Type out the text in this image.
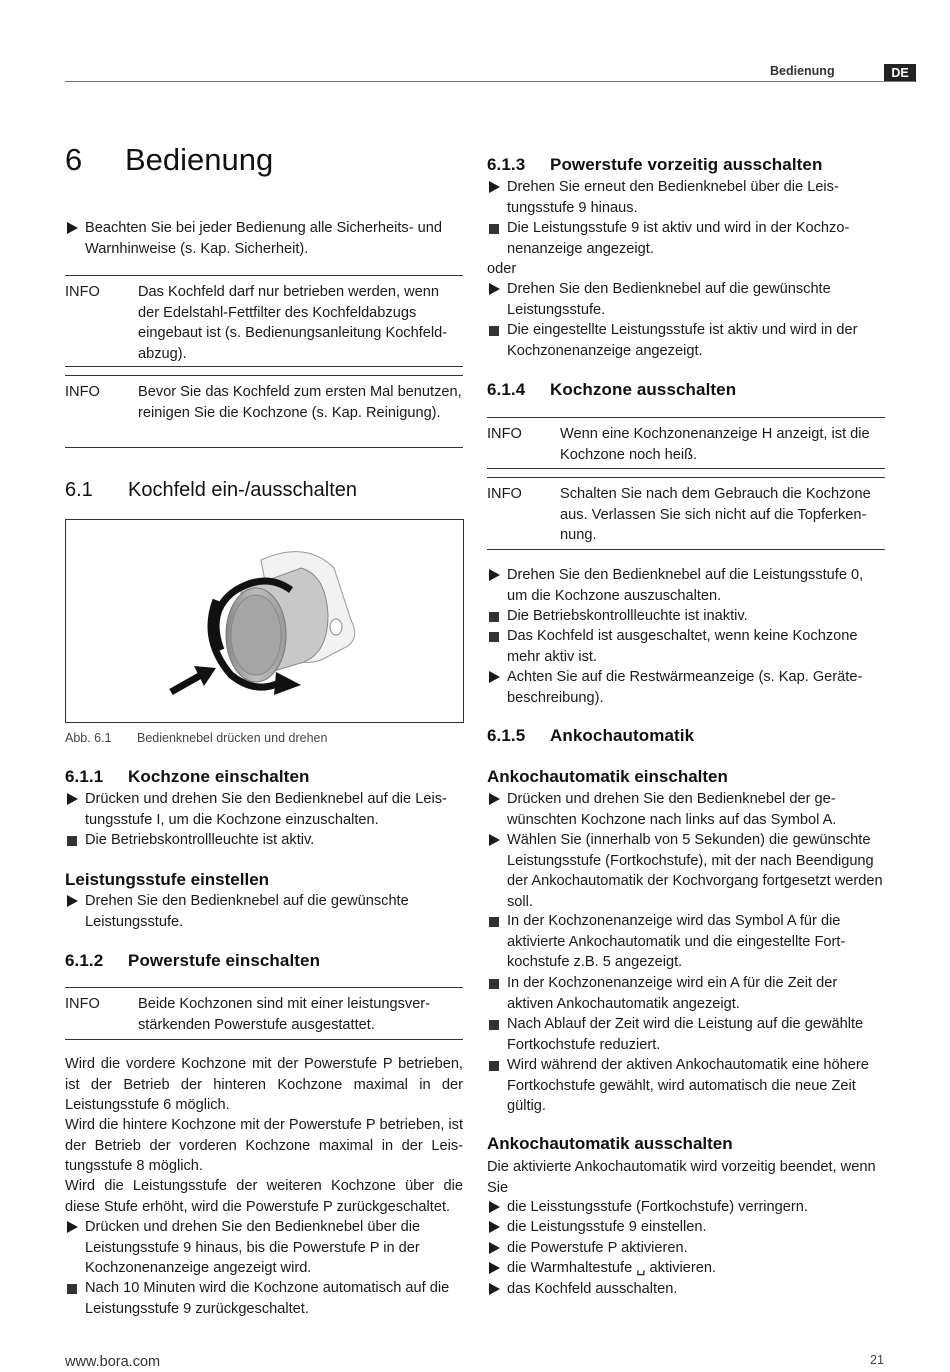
Bedienung	DE
6 Bedienung
Beachten Sie bei jeder Bedienung alle Sicherheits- und Warnhinweise (s. Kap. Sicherheit).
INFO	Das Kochfeld darf nur betrieben werden, wenn der Edelstahl-Fettfilter des Kochfeldabzugs eingebaut ist (s. Bedienungsanleitung Kochfeldabzug).
INFO	Bevor Sie das Kochfeld zum ersten Mal benutzen, reinigen Sie die Kochzone (s. Kap. Reinigung).
6.1 Kochfeld ein-/ausschalten
Abb. 6.1 Bedienknebel drücken und drehen
6.1.1 Kochzone einschalten
Drücken und drehen Sie den Bedienknebel auf die Leistungsstufe I, um die Kochzone einzuschalten.
Die Betriebskontrollleuchte ist aktiv.
Leistungsstufe einstellen
Drehen Sie den Bedienknebel auf die gewünschte Leistungsstufe.
6.1.2 Powerstufe einschalten
INFO	Beide Kochzonen sind mit einer leistungsverstärkenden Powerstufe ausgestattet.
Wird die vordere Kochzone mit der Powerstufe P betrieben, ist der Betrieb der hinteren Kochzone maximal in der Leistungsstufe 6 möglich.
Wird die hintere Kochzone mit der Powerstufe P betrieben, ist der Betrieb der vorderen Kochzone maximal in der Leistungsstufe 8 möglich.
Wird die Leistungsstufe der weiteren Kochzone über die diese Stufe erhöht, wird die Powerstufe P zurückgeschaltet.
Drücken und drehen Sie den Bedienknebel über die Leistungsstufe 9 hinaus, bis die Powerstufe P in der Kochzonenanzeige angezeigt wird.
Nach 10 Minuten wird die Kochzone automatisch auf die Leistungsstufe 9 zurückgeschaltet.
6.1.3 Powerstufe vorzeitig ausschalten
Drehen Sie erneut den Bedienknebel über die Leistungsstufe 9 hinaus.
Die Leistungsstufe 9 ist aktiv und wird in der Kochzonenanzeige angezeigt.
oder
Drehen Sie den Bedienknebel auf die gewünschte Leistungsstufe.
Die eingestellte Leistungsstufe ist aktiv und wird in der Kochzonenanzeige angezeigt.
6.1.4 Kochzone ausschalten
INFO	Wenn eine Kochzonenanzeige H anzeigt, ist die Kochzone noch heiß.
INFO	Schalten Sie nach dem Gebrauch die Kochzone aus. Verlassen Sie sich nicht auf die Topferkennung.
Drehen Sie den Bedienknebel auf die Leistungsstufe 0, um die Kochzone auszuschalten.
Die Betriebskontrollleuchte ist inaktiv.
Das Kochfeld ist ausgeschaltet, wenn keine Kochzone mehr aktiv ist.
Achten Sie auf die Restwärmeanzeige (s. Kap. Gerätebeschreibung).
6.1.5 Ankochautomatik
Ankochautomatik einschalten
Drücken und drehen Sie den Bedienknebel der gewünschten Kochzone nach links auf das Symbol A.
Wählen Sie (innerhalb von 5 Sekunden) die gewünschte Leistungsstufe (Fortkochstufe), mit der nach Beendigung der Ankochautomatik der Kochvorgang fortgesetzt werden soll.
In der Kochzonenanzeige wird das Symbol A für die aktivierte Ankochautomatik und die eingestellte Fortkochstufe z.B. 5 angezeigt.
In der Kochzonenanzeige wird ein A für die Zeit der aktiven Ankochautomatik angezeigt.
Nach Ablauf der Zeit wird die Leistung auf die gewählte Fortkochstufe reduziert.
Wird während der aktiven Ankochautomatik eine höhere Fortkochstufe gewählt, wird automatisch die neue Zeit gültig.
Ankochautomatik ausschalten
Die aktivierte Ankochautomatik wird vorzeitig beendet, wenn Sie
die Leisstungsstufe (Fortkochstufe) verringern.
die Leistungsstufe 9 einstellen.
die Powerstufe P aktivieren.
die Warmhaltestufe ␣ aktivieren.
das Kochfeld ausschalten.
www.bora.com	21
